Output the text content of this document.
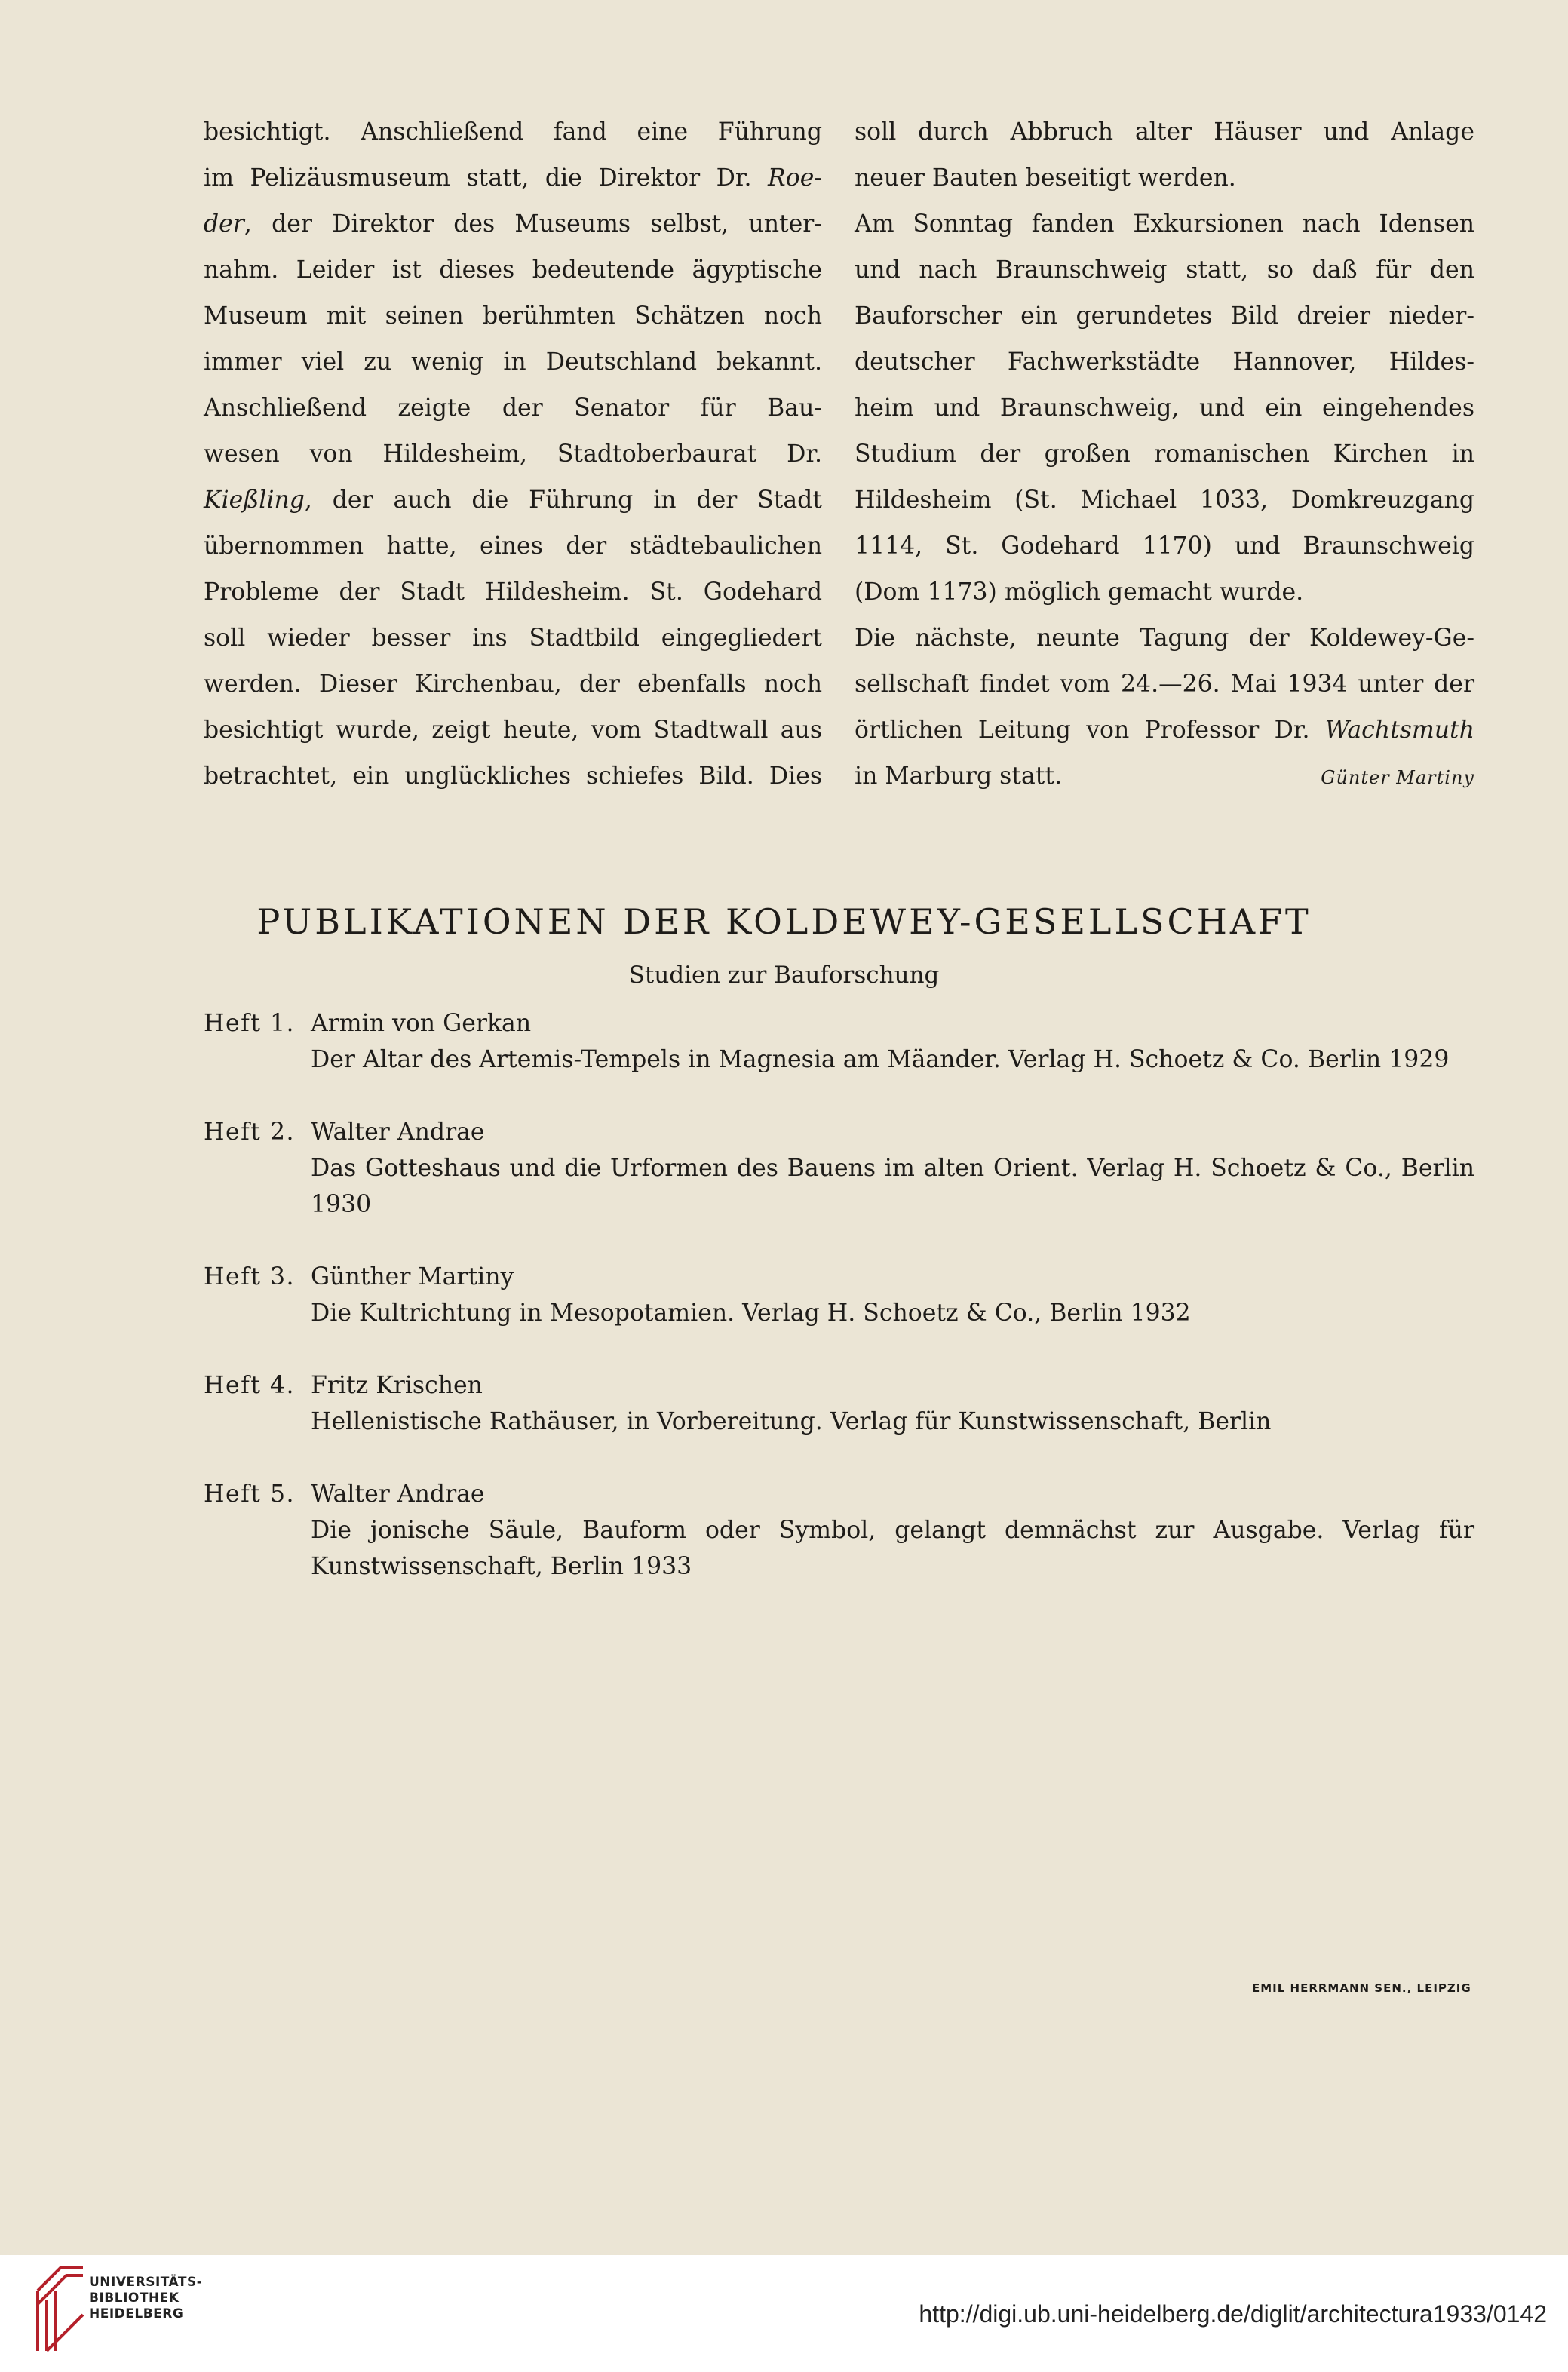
besichtigt. Anschließend fand eine Führung
im Pelizäusmuseum statt, die Direktor Dr. Roe-
der, der Direktor des Museums selbst, unter-
nahm. Leider ist dieses bedeutende ägyptische
Museum mit seinen berühmten Schätzen noch
immer viel zu wenig in Deutschland bekannt.
Anschließend zeigte der Senator für Bau-
wesen von Hildesheim, Stadtoberbaurat Dr.
Kießling, der auch die Führung in der Stadt
übernommen hatte, eines der städtebaulichen
Probleme der Stadt Hildesheim. St. Godehard
soll wieder besser ins Stadtbild eingegliedert
werden. Dieser Kirchenbau, der ebenfalls noch
besichtigt wurde, zeigt heute, vom Stadtwall aus
betrachtet, ein unglückliches schiefes Bild. Dies
soll durch Abbruch alter Häuser und Anlage
neuer Bauten beseitigt werden.
Am Sonntag fanden Exkursionen nach Idensen
und nach Braunschweig statt, so daß für den
Bauforscher ein gerundetes Bild dreier nieder-
deutscher Fachwerkstädte Hannover, Hildes-
heim und Braunschweig, und ein eingehendes
Studium der großen romanischen Kirchen in
Hildesheim (St. Michael 1033, Domkreuzgang
1114, St. Godehard 1170) und Braunschweig
(Dom 1173) möglich gemacht wurde.
Die nächste, neunte Tagung der Koldewey-Ge-
sellschaft findet vom 24.—26. Mai 1934 unter der
örtlichen Leitung von Professor Dr. Wachtsmuth
in Marburg statt.	Günter Martiny
PUBLIKATIONEN DER KOLDEWEY-GESELLSCHAFT
Studien zur Bauforschung
Heft 1. Armin von Gerkan
Der Altar des Artemis-Tempels in Magnesia am Mäander. Verlag H. Schoetz & Co. Berlin 1929
Heft 2. Walter Andrae
Das Gotteshaus und die Urformen des Bauens im alten Orient. Verlag H. Schoetz & Co., Berlin 1930
Heft 3. Günther Martiny
Die Kultrichtung in Mesopotamien. Verlag H. Schoetz & Co., Berlin 1932
Heft 4. Fritz Krischen
Hellenistische Rathäuser, in Vorbereitung. Verlag für Kunstwissenschaft, Berlin
Heft 5. Walter Andrae
Die jonische Säule, Bauform oder Symbol, gelangt demnächst zur Ausgabe. Verlag für Kunstwissenschaft, Berlin 1933
EMIL HERRMANN SEN., LEIPZIG
UNIVERSITÄTS-
BIBLIOTHEK
HEIDELBERG	http://digi.ub.uni-heidelberg.de/diglit/architectura1933/0142
